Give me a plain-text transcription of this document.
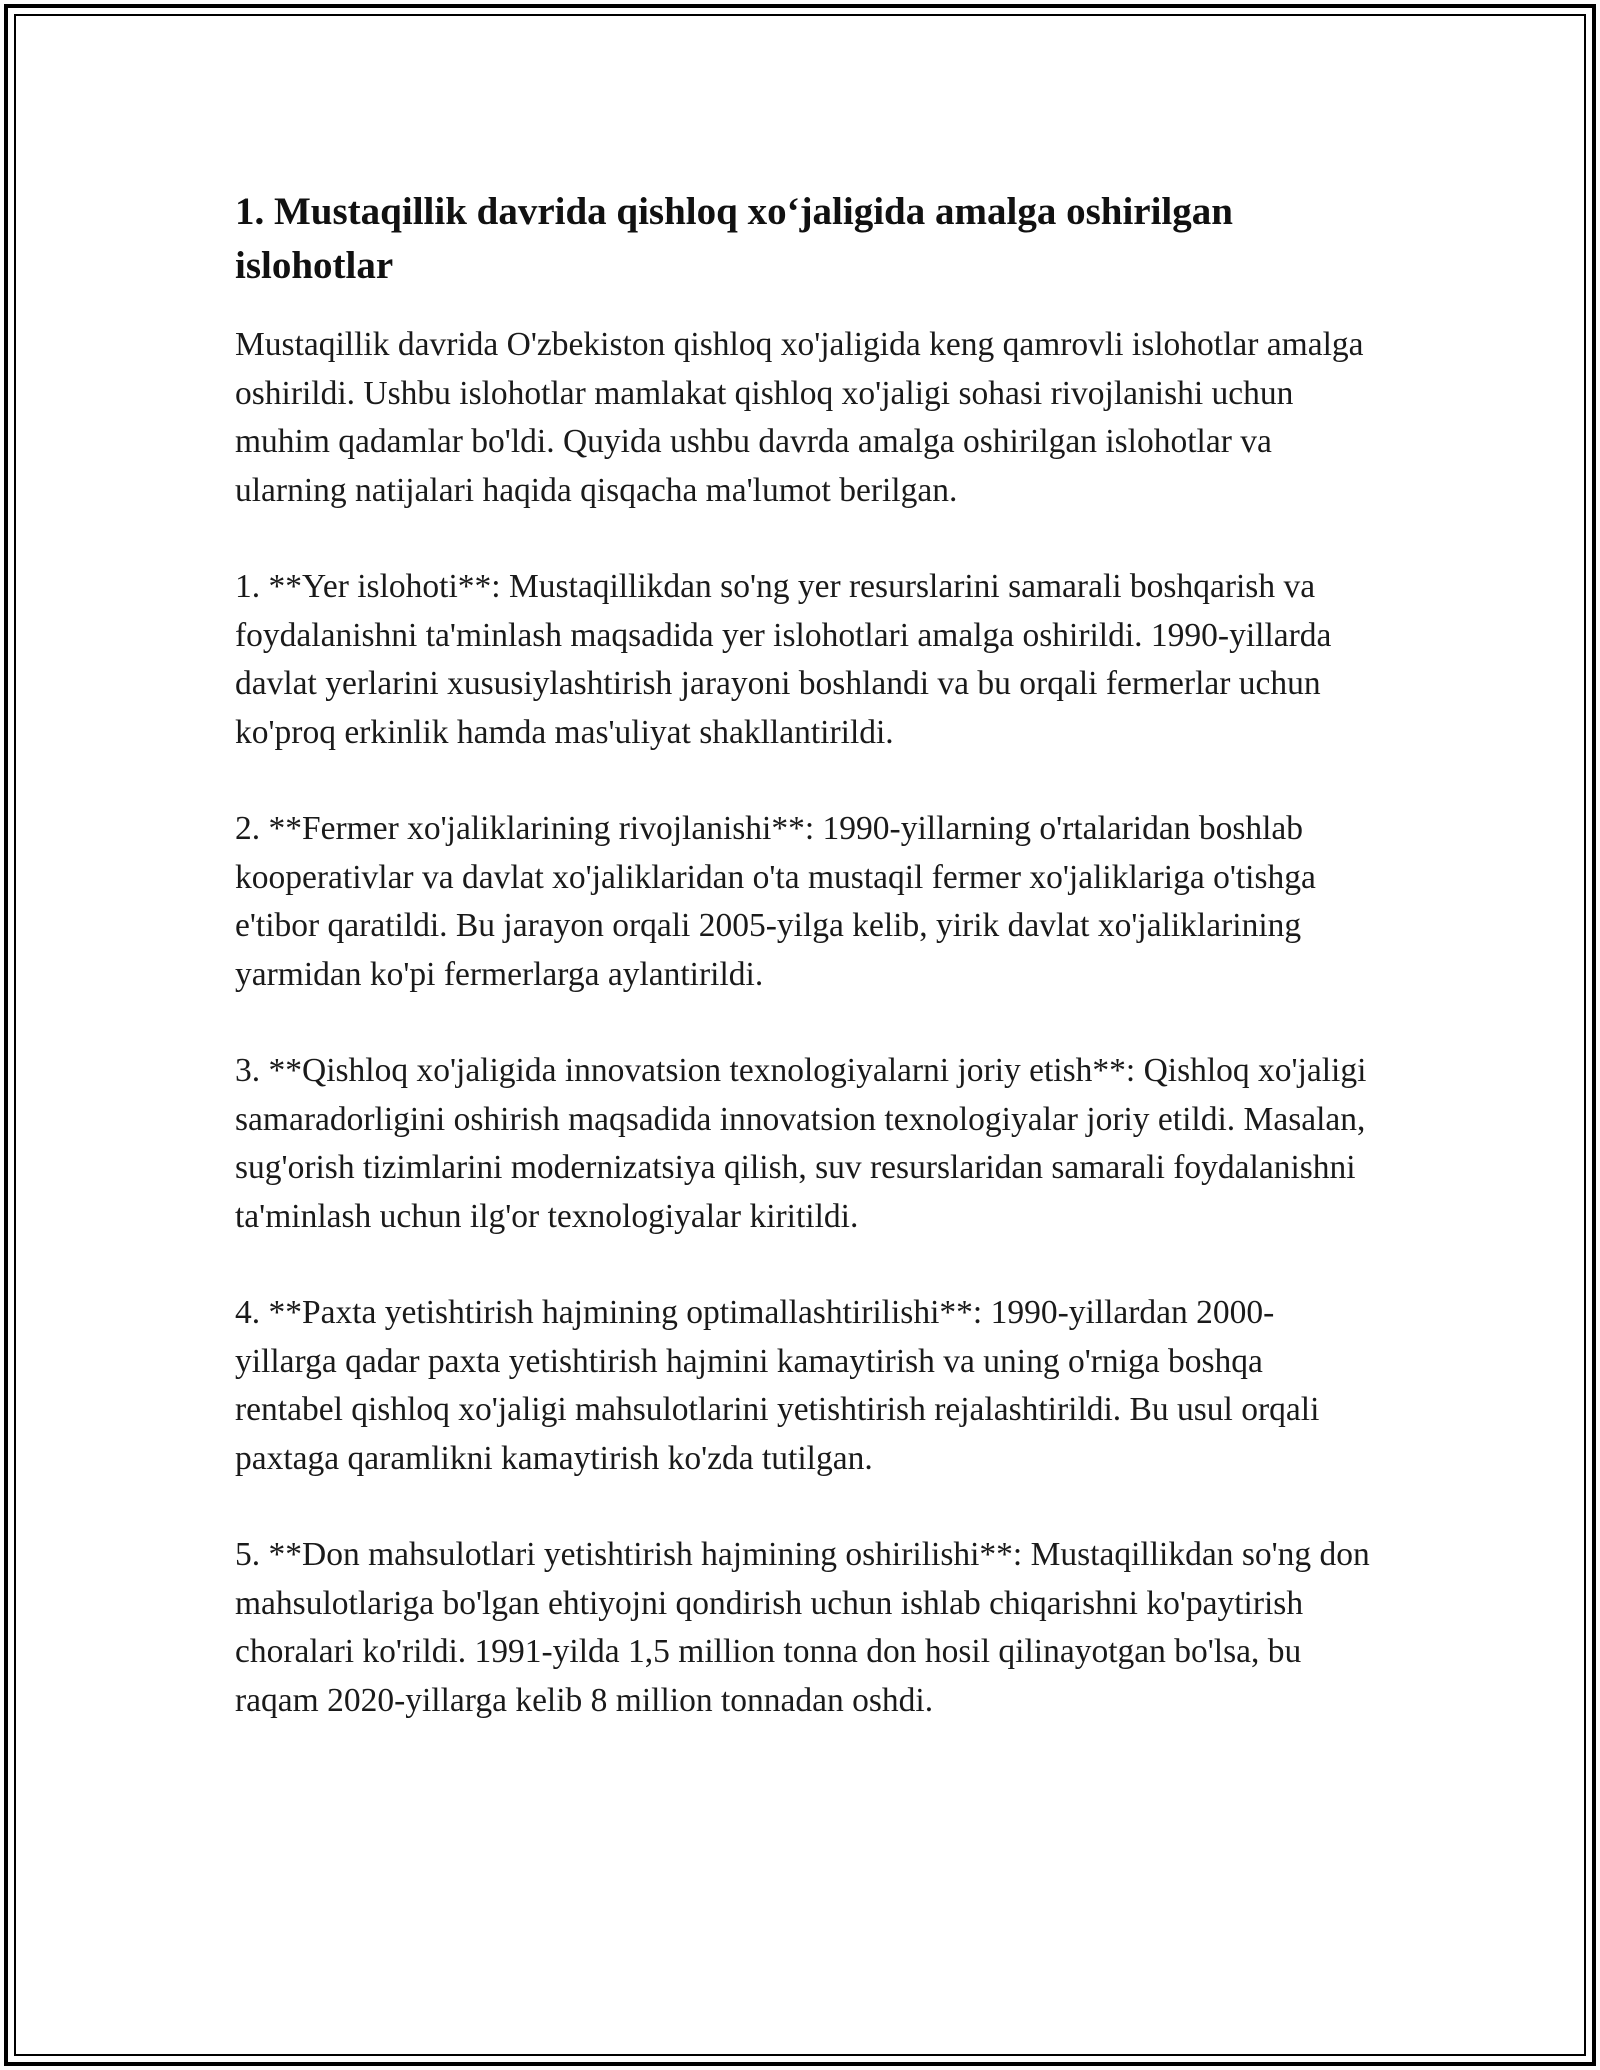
1. Mustaqillik davrida qishloq xo‘jaligida amalga oshirilgan islohotlar

Mustaqillik davrida O'zbekiston qishloq xo'jaligida keng qamrovli islohotlar amalga oshirildi. Ushbu islohotlar mamlakat qishloq xo'jaligi sohasi rivojlanishi uchun muhim qadamlar bo'ldi. Quyida ushbu davrda amalga oshirilgan islohotlar va ularning natijalari haqida qisqacha ma'lumot berilgan.

1. **Yer islohoti**: Mustaqillikdan so'ng yer resurslarini samarali boshqarish va foydalanishni ta'minlash maqsadida yer islohotlari amalga oshirildi. 1990-yillarda davlat yerlarini xususiylashtirish jarayoni boshlandi va bu orqali fermerlar uchun ko'proq erkinlik hamda mas'uliyat shakllantirildi.

2. **Fermer xo'jaliklarining rivojlanishi**: 1990-yillarning o'rtalaridan boshlab kooperativlar va davlat xo'jaliklaridan o'ta mustaqil fermer xo'jaliklariga o'tishga e'tibor qaratildi. Bu jarayon orqali 2005-yilga kelib, yirik davlat xo'jaliklarining yarmidan ko'pi fermerlarga aylantirildi.

3. **Qishloq xo'jaligida innovatsion texnologiyalarni joriy etish**: Qishloq xo'jaligi samaradorligini oshirish maqsadida innovatsion texnologiyalar joriy etildi. Masalan, sug'orish tizimlarini modernizatsiya qilish, suv resurslaridan samarali foydalanishni ta'minlash uchun ilg'or texnologiyalar kiritildi.

4. **Paxta yetishtirish hajmining optimallashtirilishi**: 1990-yillardan 2000-yillarga qadar paxta yetishtirish hajmini kamaytirish va uning o'rniga boshqa rentabel qishloq xo'jaligi mahsulotlarini yetishtirish rejalashtirildi. Bu usul orqali paxtaga qaramlikni kamaytirish ko'zda tutilgan.

5. **Don mahsulotlari yetishtirish hajmining oshirilishi**: Mustaqillikdan so'ng don mahsulotlariga bo'lgan ehtiyojni qondirish uchun ishlab chiqarishni ko'paytirish choralari ko'rildi. 1991-yilda 1,5 million tonna don hosil qilinayotgan bo'lsa, bu raqam 2020-yillarga kelib 8 million tonnadan oshdi.
